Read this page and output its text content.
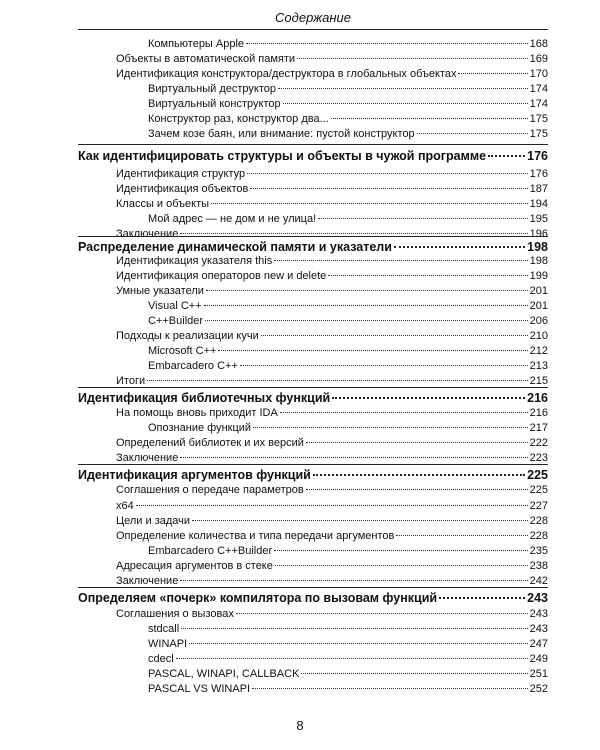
Содержание
Компьютеры Apple	168
Объекты в автоматической памяти	169
Идентификация конструктора/деструктора в глобальных объектах	170
Виртуальный деструктор	174
Виртуальный конструктор	174
Конструктор раз, конструктор два...	175
Зачем козе баян, или внимание: пустой конструктор	175
Как идентифицировать структуры и объекты в чужой программе	176
Идентификация структур	176
Идентификация объектов	187
Классы и объекты	194
Мой адрес — не дом и не улица!	195
Заключение	196
Распределение динамической памяти и указатели	198
Идентификация указателя this	198
Идентификация операторов new и delete	199
Умные указатели	201
Visual C++	201
C++Builder	206
Подходы к реализации кучи	210
Microsoft C++	212
Embarcadero C++	213
Итоги	215
Идентификация библиотечных функций	216
На помощь вновь приходит IDA	216
Опознание функций	217
Определений библиотек и их версий	222
Заключение	223
Идентификация аргументов функций	225
Соглашения о передаче параметров	225
x64	227
Цели и задачи	228
Определение количества и типа передачи аргументов	228
Embarcadero C++Builder	235
Адресация аргументов в стеке	238
Заключение	242
Определяем «почерк» компилятора по вызовам функций	243
Соглашения о вызовах	243
stdcall	243
WINAPI	247
cdecl	249
PASCAL, WINAPI, CALLBACK	251
PASCAL VS WINAPI	252
8
